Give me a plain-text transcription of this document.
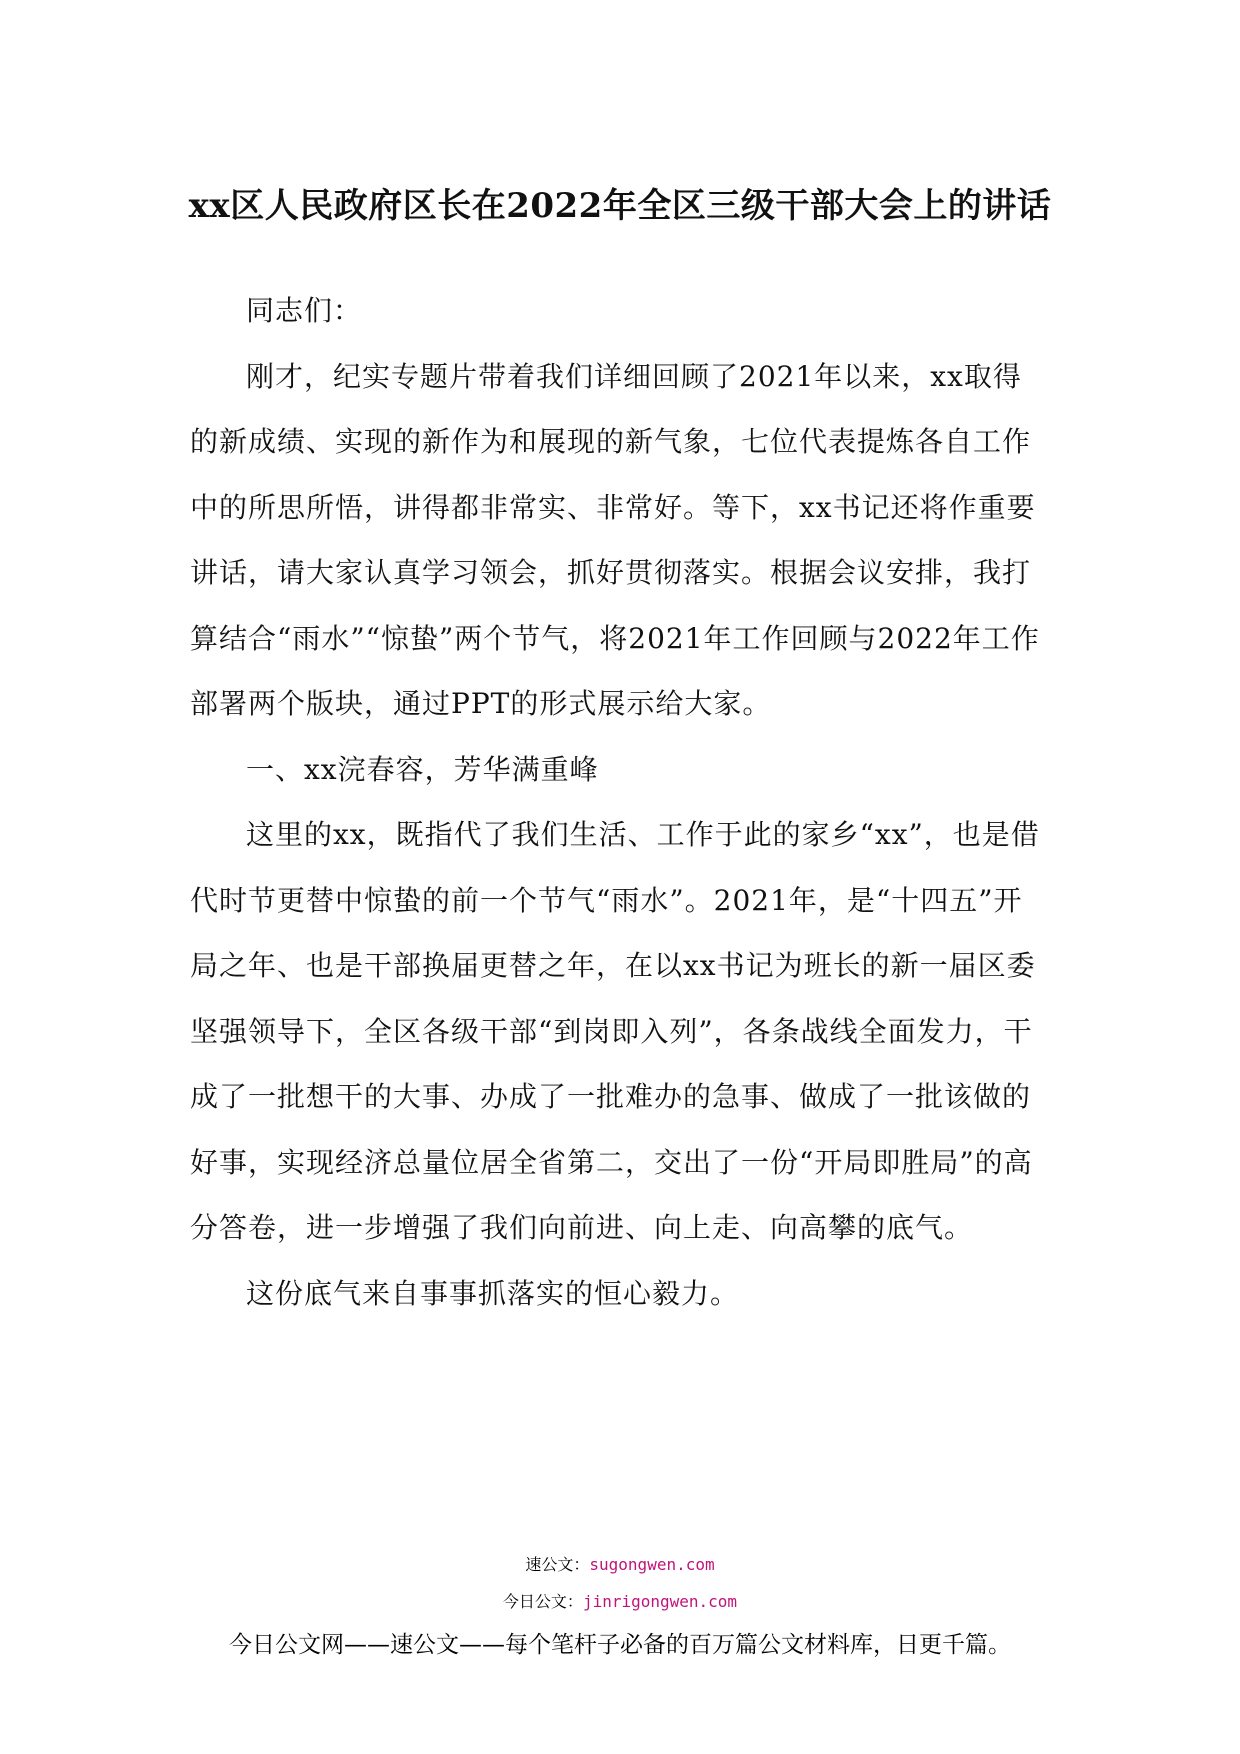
xx区人民政府区长在2022年全区三级干部大会上的讲话

同志们：

刚才，纪实专题片带着我们详细回顾了2021年以来，xx取得的新成绩、实现的新作为和展现的新气象，七位代表提炼各自工作中的所思所悟，讲得都非常实、非常好。等下，xx书记还将作重要讲话，请大家认真学习领会，抓好贯彻落实。根据会议安排，我打算结合“雨水”“惊蛰”两个节气，将2021年工作回顾与2022年工作部署两个版块，通过PPT的形式展示给大家。

一、xx浣春容，芳华满重峰

这里的xx，既指代了我们生活、工作于此的家乡“xx”，也是借代时节更替中惊蛰的前一个节气“雨水”。2021年，是“十四五”开局之年、也是干部换届更替之年，在以xx书记为班长的新一届区委坚强领导下，全区各级干部“到岗即入列”，各条战线全面发力，干成了一批想干的大事、办成了一批难办的急事、做成了一批该做的好事，实现经济总量位居全省第二，交出了一份“开局即胜局”的高分答卷，进一步增强了我们向前进、向上走、向高攀的底气。

这份底气来自事事抓落实的恒心毅力。

速公文：sugongwen.com
今日公文：jinrigongwen.com
今日公文网——速公文——每个笔杆子必备的百万篇公文材料库，日更千篇。
